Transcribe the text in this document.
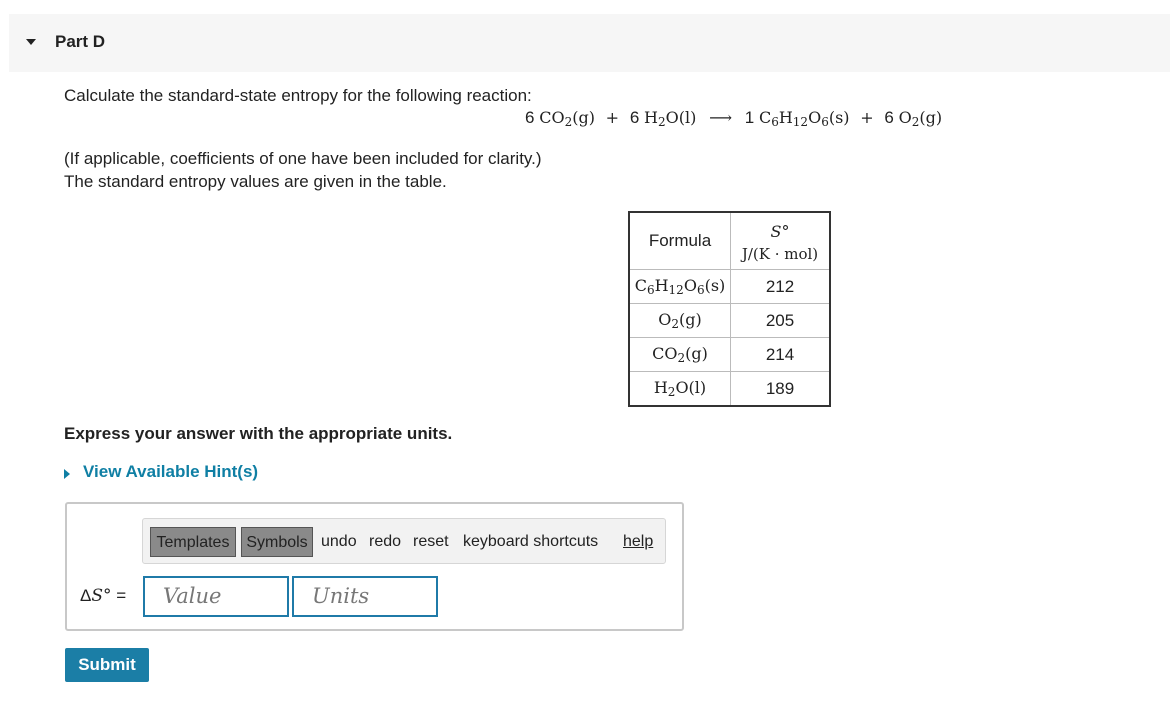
Part D
Calculate the standard-state entropy for the following reaction:
6 $CO_2(g) + 6$ $H_2O(l)$ ⟶ 1 $C_6H_{12}O_6(s) + 6$ $O_2(g)$
(If applicable, coefficients of one have been included for clarity.)
The standard entropy values are given in the table.
Formula	S°
J/(K · mol)

$C_6H_{12}O_6(s)$	212
$O_2(g)$	205
$CO_2(g)$	214
$H_2O(l)$	189
Express your answer with the appropriate units.
View Available Hint(s)
Templates	Symbols undo redo reset keyboard shortcuts help
ΔS° =	Value	Units
Submit
